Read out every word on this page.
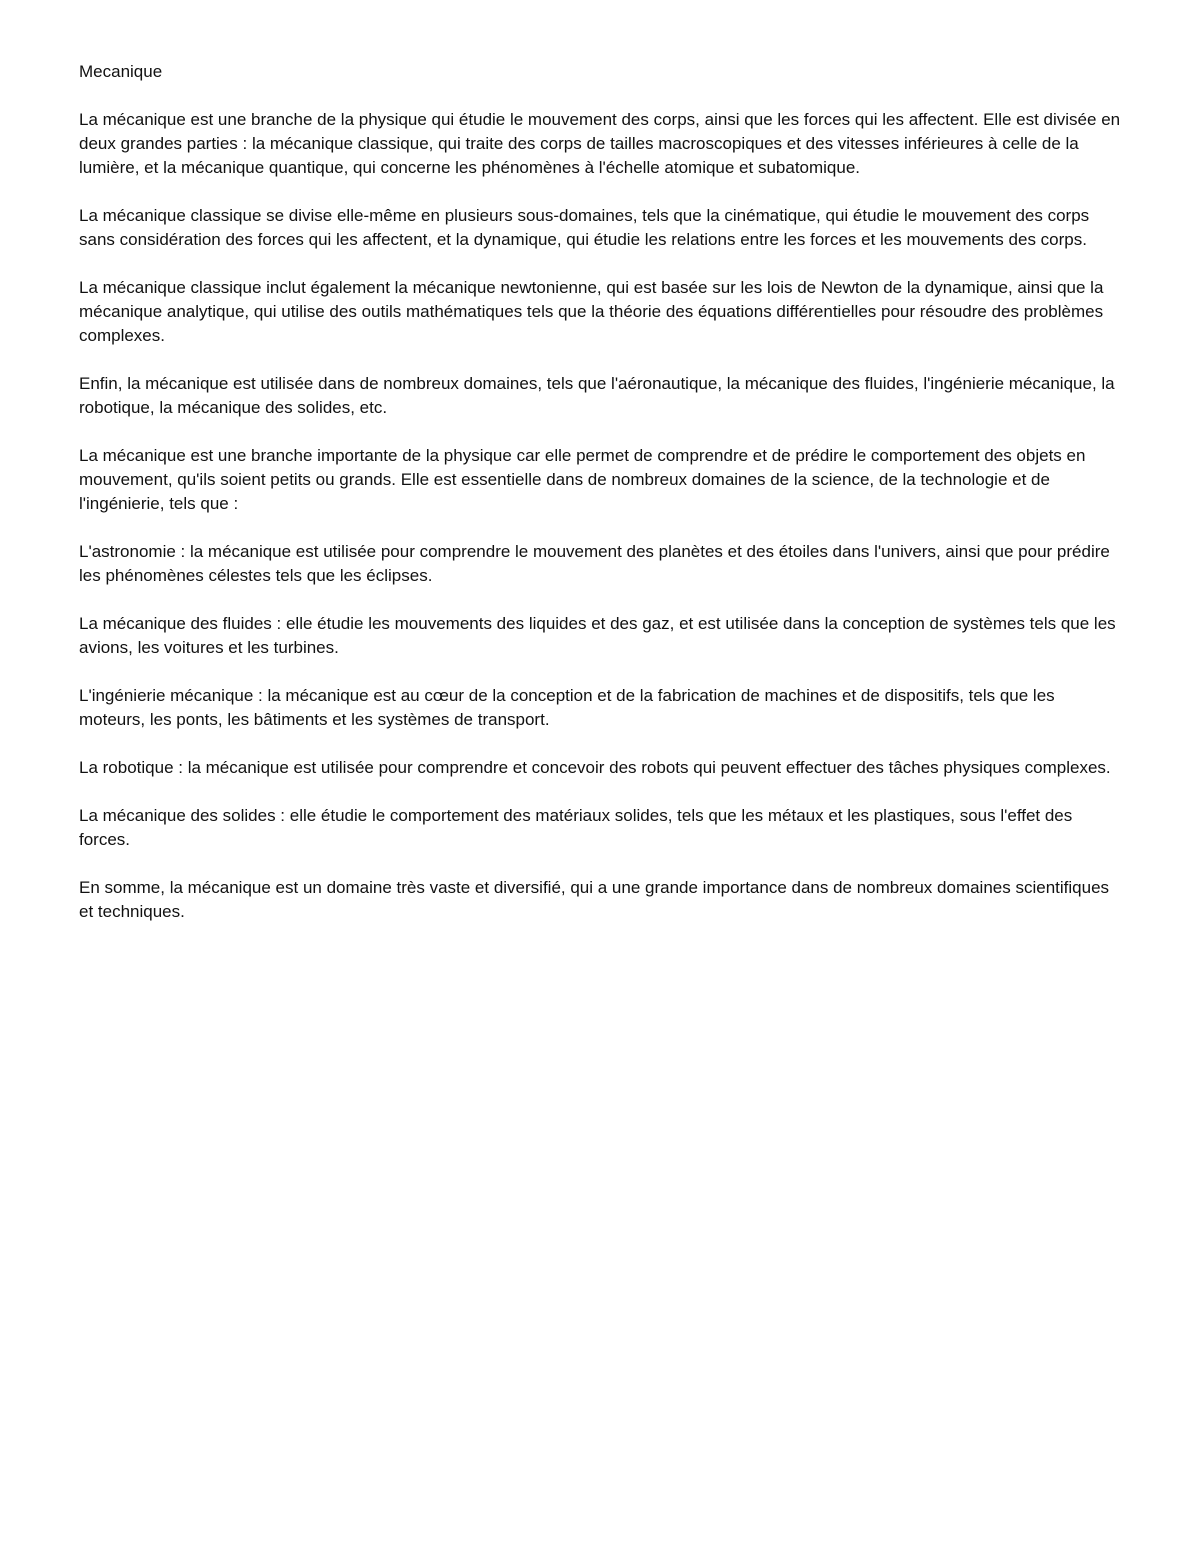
Mecanique

La mécanique est une branche de la physique qui étudie le mouvement des corps, ainsi que les forces qui les affectent. Elle est divisée en deux grandes parties : la mécanique classique, qui traite des corps de tailles macroscopiques et des vitesses inférieures à celle de la lumière, et la mécanique quantique, qui concerne les phénomènes à l'échelle atomique et subatomique.

La mécanique classique se divise elle-même en plusieurs sous-domaines, tels que la cinématique, qui étudie le mouvement des corps sans considération des forces qui les affectent, et la dynamique, qui étudie les relations entre les forces et les mouvements des corps.

La mécanique classique inclut également la mécanique newtonienne, qui est basée sur les lois de Newton de la dynamique, ainsi que la mécanique analytique, qui utilise des outils mathématiques tels que la théorie des équations différentielles pour résoudre des problèmes complexes.

Enfin, la mécanique est utilisée dans de nombreux domaines, tels que l'aéronautique, la mécanique des fluides, l'ingénierie mécanique, la robotique, la mécanique des solides, etc.

La mécanique est une branche importante de la physique car elle permet de comprendre et de prédire le comportement des objets en mouvement, qu'ils soient petits ou grands. Elle est essentielle dans de nombreux domaines de la science, de la technologie et de l'ingénierie, tels que :

L'astronomie : la mécanique est utilisée pour comprendre le mouvement des planètes et des étoiles dans l'univers, ainsi que pour prédire les phénomènes célestes tels que les éclipses.

La mécanique des fluides : elle étudie les mouvements des liquides et des gaz, et est utilisée dans la conception de systèmes tels que les avions, les voitures et les turbines.

L'ingénierie mécanique : la mécanique est au cœur de la conception et de la fabrication de machines et de dispositifs, tels que les moteurs, les ponts, les bâtiments et les systèmes de transport.

La robotique : la mécanique est utilisée pour comprendre et concevoir des robots qui peuvent effectuer des tâches physiques complexes.

La mécanique des solides : elle étudie le comportement des matériaux solides, tels que les métaux et les plastiques, sous l'effet des forces.

En somme, la mécanique est un domaine très vaste et diversifié, qui a une grande importance dans de nombreux domaines scientifiques et techniques.
